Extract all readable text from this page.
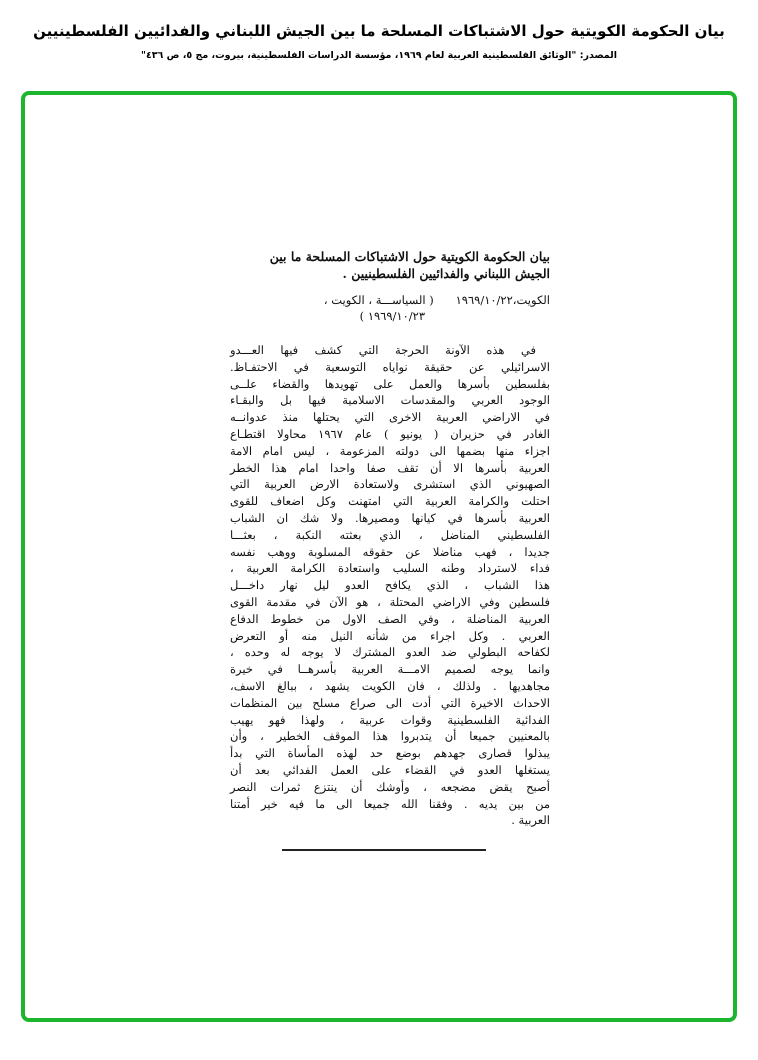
بيان الحكومة الكويتية حول الاشتباكات المسلحة ما بين الجيش اللبناني والفدائيين الفلسطينيين
المصدر: "الوثائق الفلسطينية العربية لعام ١٩٦٩، مؤسسة الدراسات الفلسطينية، بيروت، مج ٥، ص ٤٣٦"
بيان الحكومة الكويتية حول الاشتباكات المسلحة ما بين
الجيش اللبناني والفدائيين الفلسطينيين .
الكويت،١٩٦٩/١٠/٢٢      ( السياســـة ، الكويت ،
١٩٦٩/١٠/٢٣ )
في هذه الآونة الحرجة التي كشف فيها العـــدو
الاسرائيلي عن حقيقة نواياه التوسعية في الاحتفـاظ.
بفلسطين بأسرها والعمل على تهويدها والقضاء علــى
الوجود العربي والمقدسات الاسلامية فيها بل والبقـاء
في الاراضي العربية الاخرى التي يحتلها منذ عدوانــه
الغادر في حزيران ( يونيو ) عام ١٩٦٧ محاولا اقتطـاع
اجزاء منها بضمها الى دولته المزعومة ، ليس امام الامة
العربية بأسرها الا أن تقف صفا واحدا امام هذا الخطر
الصهيوني الذي استشرى ولاستعادة الارض العربية التي
احتلت والكرامة العربية التي امتهنت وكل اضعاف للقوى
العربية بأسرها في كيانها ومصيرها. ولا شك ان الشباب
الفلسطيني المناضل ، الذي بعثته النكبة ، بعثـــا
جديدا ، فهب مناضلا عن حقوقه المسلوبة ووهب نفسه
فداء لاسترداد وطنه السليب واستعادة الكرامة العربية ،
هذا الشباب ، الذي يكافح العدو ليل نهار داخـــل
فلسطين وفي الاراضي المحتلة ، هو الآن في مقدمة القوى
العربية المناضلة ، وفي الصف الاول من خطوط الدفاع
العربي . وكل اجراء من شأنه النيل منه أو التعرض
لكفاحه البطولي ضد العدو المشترك لا يوجه له وحده ،
وانما يوجه لصميم الامـــة العربية بأسرهــا في خيرة
مجاهديها . ولذلك ، فان الكويت يشهد ، ببالغ الاسف،
الاحداث الاخيرة التي أدت الى صراع مسلح بين المنظمات
الفدائية الفلسطينية وقوات عربية ، ولهذا فهو يهيب
بالمعنيين جميعا أن يتدبروا هذا الموقف الخطير ، وأن
يبذلوا قصارى جهدهم بوضع حد لهذه المأساة التي بدأ
يستغلها العدو في القضاء على العمل الفدائي بعد أن
أصبح يقض مضجعه ، وأوشك أن ينتزع ثمرات النصر
من بين يديه . وفقنا الله جميعا الى ما فيه خير أمتنا
العربية .
